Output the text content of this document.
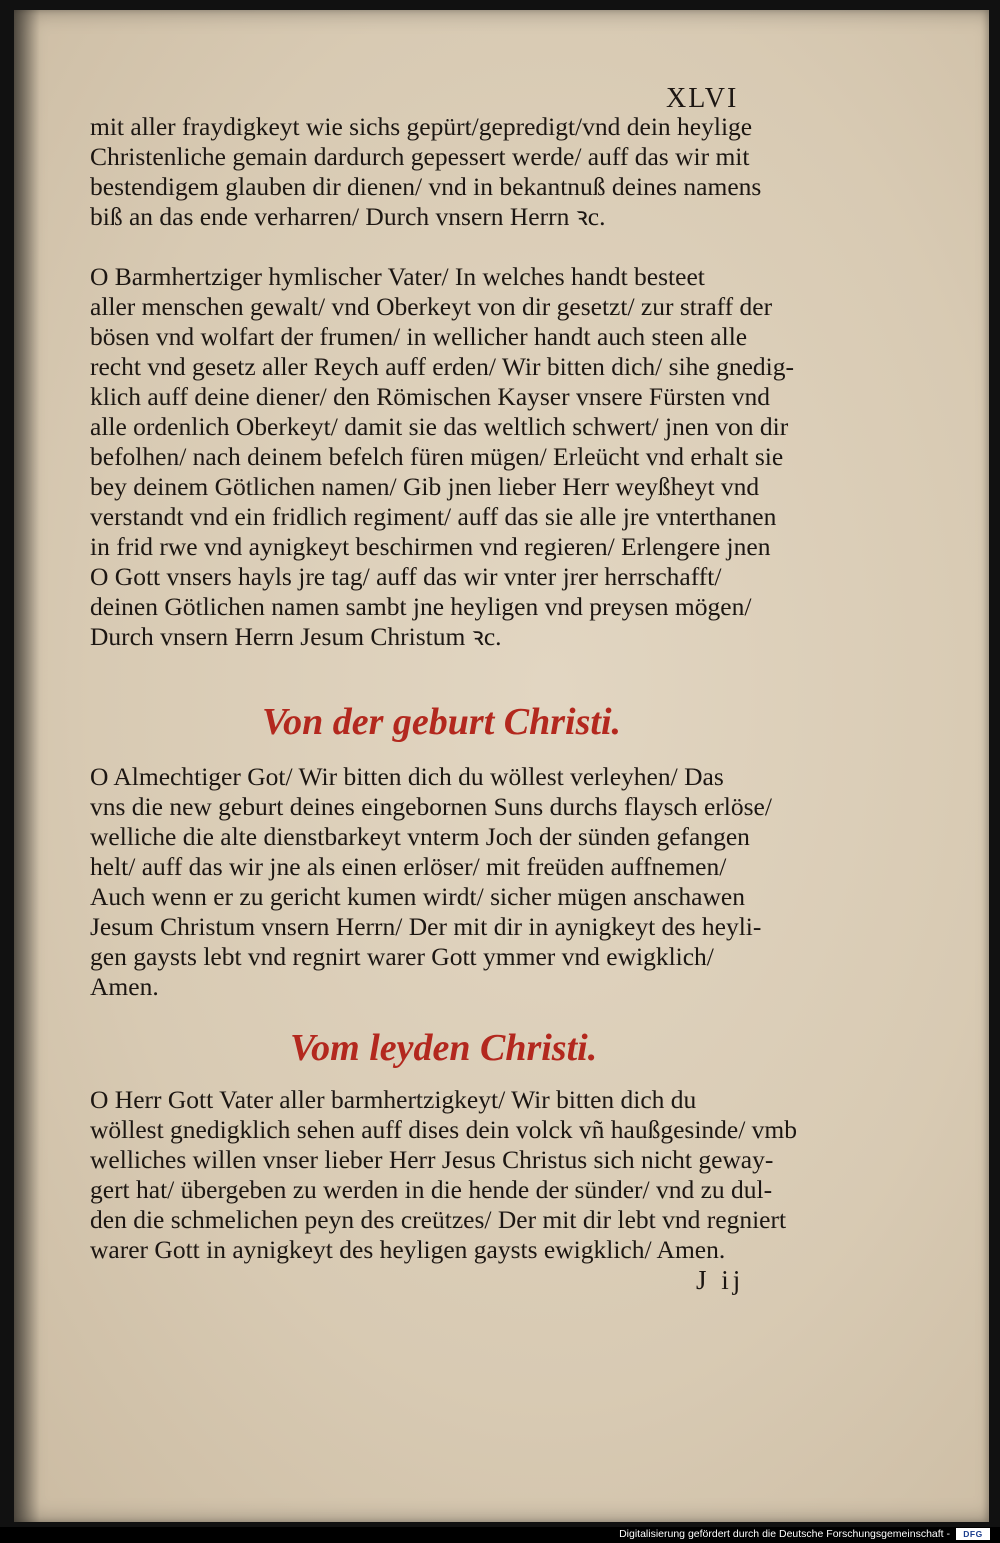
XLVI
mit aller fraydigkeyt wie sichs gepürt/gepredigt/vnd dein heylige
Christenliche gemain dardurch gepessert werde/ auff das wir mit
bestendigem glauben dir dienen/ vnd in bekantnuß deines namens
biß an das ende verharren/ Durch vnsern Herrn ꝛc.
O Barmhertziger hymlischer Vater/ In welches handt besteet
aller menschen gewalt/ vnd Oberkeyt von dir gesetzt/ zur straff der
bösen vnd wolfart der frumen/ in wellicher handt auch steen alle
recht vnd gesetz aller Reych auff erden/ Wir bitten dich/ sihe gnedig-
klich auff deine diener/ den Römischen Kayser vnsere Fürsten vnd
alle ordenlich Oberkeyt/ damit sie das weltlich schwert/ jnen von dir
befolhen/ nach deinem befelch füren mügen/ Erleücht vnd erhalt sie
bey deinem Götlichen namen/ Gib jnen lieber Herr weyßheyt vnd
verstandt vnd ein fridlich regiment/ auff das sie alle jre vnterthanen
in frid rwe vnd aynigkeyt beschirmen vnd regieren/ Erlengere jnen
O Gott vnsers hayls jre tag/ auff das wir vnter jrer herrschafft/
deinen Götlichen namen sambt jne heyligen vnd preysen mögen/
Durch vnsern Herrn Jesum Christum ꝛc.
Von der geburt Christi.
O Almechtiger Got/ Wir bitten dich du wöllest verleyhen/ Das
vns die new geburt deines eingebornen Suns durchs flaysch erlöse/
welliche die alte dienstbarkeyt vnterm Joch der sünden gefangen
helt/ auff das wir jne als einen erlöser/ mit freüden auffnemen/
Auch wenn er zu gericht kumen wirdt/ sicher mügen anschawen
Jesum Christum vnsern Herrn/ Der mit dir in aynigkeyt des heyli-
gen gaysts lebt vnd regnirt warer Gott ymmer vnd ewigklich/
Amen.
Vom leyden Christi.
O Herr Gott Vater aller barmhertzigkeyt/ Wir bitten dich du
wöllest gnedigklich sehen auff dises dein volck vñ haußgesinde/ vmb
welliches willen vnser lieber Herr Jesus Christus sich nicht geway-
gert hat/ übergeben zu werden in die hende der sünder/ vnd zu dul-
den die schmelichen peyn des creützes/ Der mit dir lebt vnd regniert
warer Gott in aynigkeyt des heyligen gaysts ewigklich/ Amen.
J ij
Digitalisierung gefördert durch die Deutsche Forschungsgemeinschaft - DFG
